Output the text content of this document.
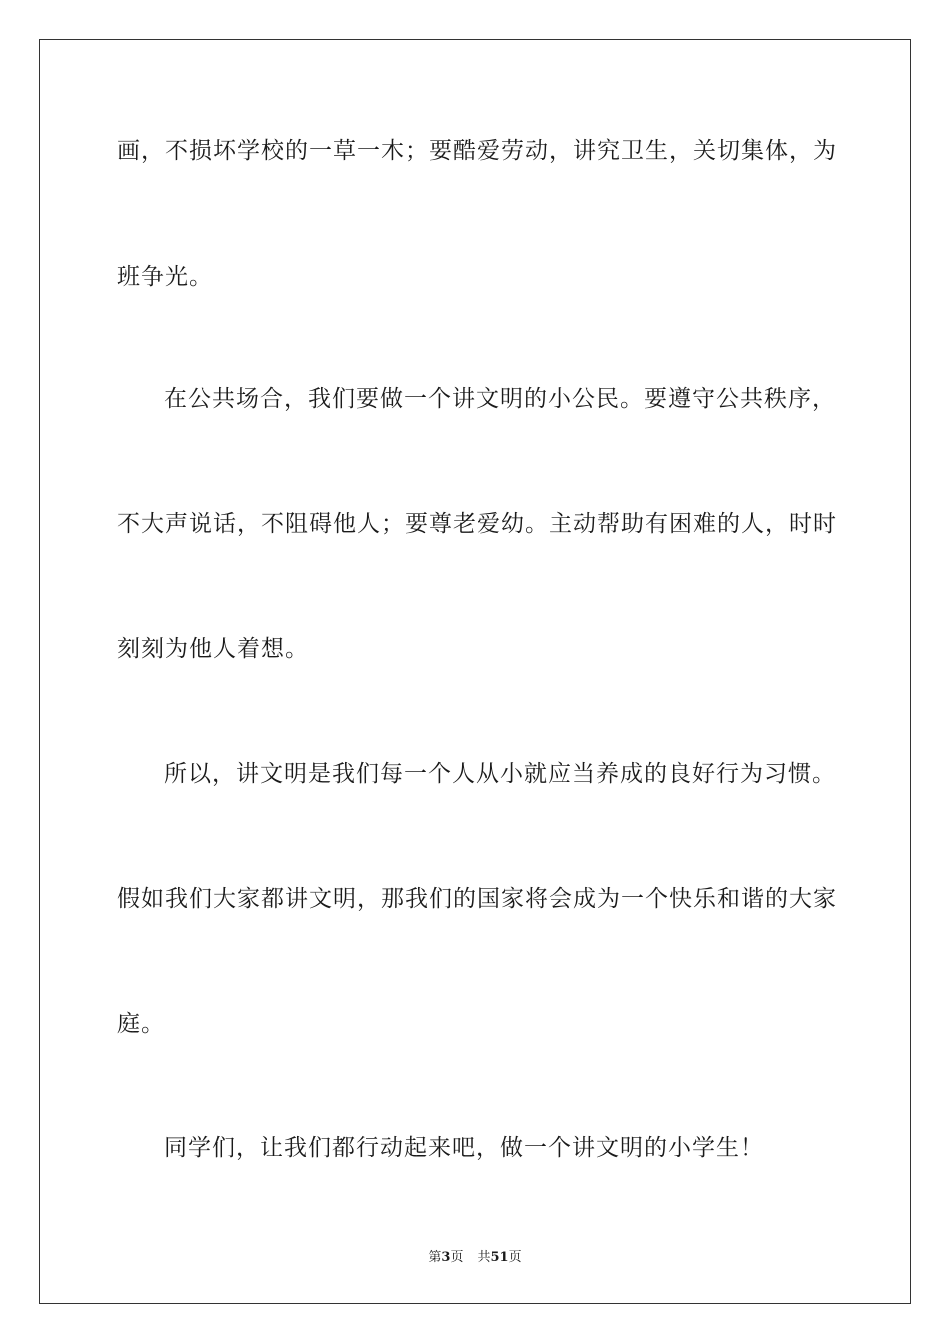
画，不损坏学校的一草一木；要酷爱劳动，讲究卫生，关切集体，为
班争光。
在公共场合，我们要做一个讲文明的小公民。要遵守公共秩序，
不大声说话，不阻碍他人；要尊老爱幼。主动帮助有困难的人，时时
刻刻为他人着想。
所以，讲文明是我们每一个人从小就应当养成的良好行为习惯。
假如我们大家都讲文明，那我们的国家将会成为一个快乐和谐的大家
庭。
同学们，让我们都行动起来吧，做一个讲文明的小学生！
第3页 共51页
